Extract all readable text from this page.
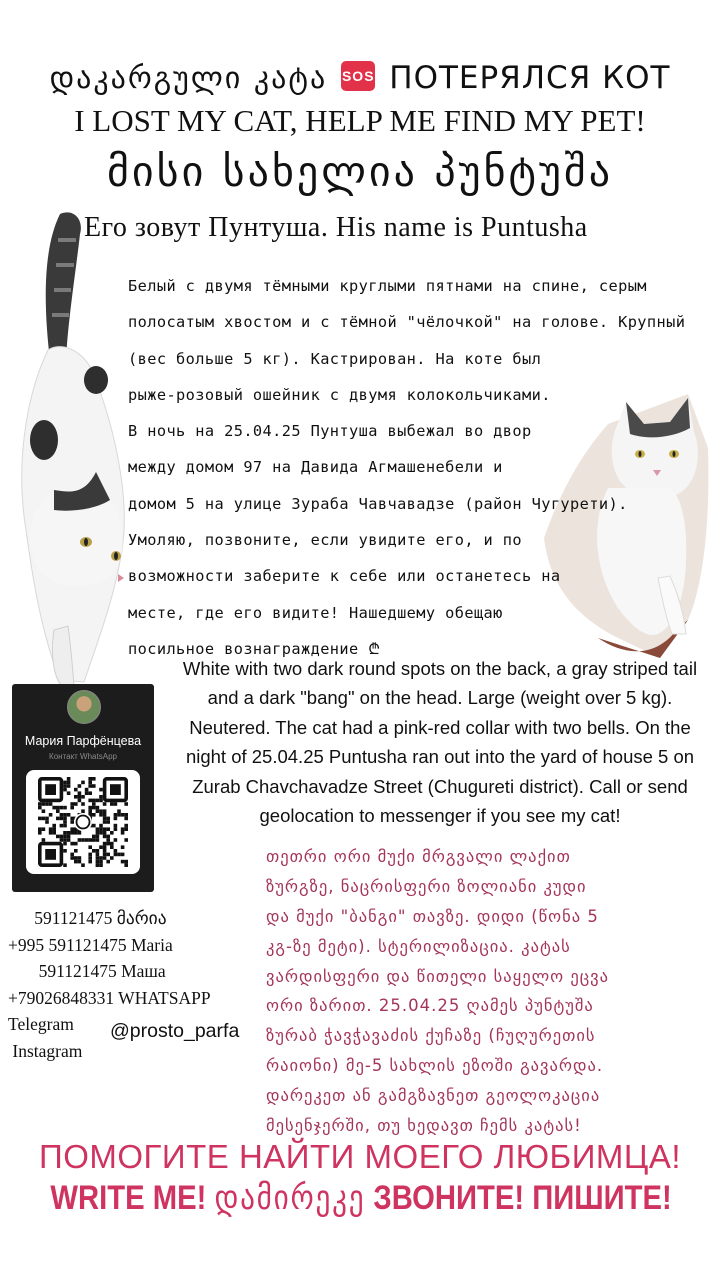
დაკარგული კატა SOS ПОТЕРЯЛСЯ КОТ
I LOST MY CAT, HELP ME FIND MY PET!
მისი სახელია პუნტუშა
Его зовут Пунтуша. His name is Puntusha
Белый с двумя тёмными круглыми пятнами на спине, серым
полосатым хвостом и с тёмной "чёлочкой" на голове. Крупный
(вес больше 5 кг). Кастрирован. На коте был
рыже-розовый ошейник с двумя колокольчиками.
В ночь на 25.04.25 Пунтуша выбежал во двор
между домом 97 на Давида Агмашенебели и
домом 5 на улице Зураба Чавчавадзе (район Чугурети).
Умоляю, позвоните, если увидите его, и по
возможности заберите к себе или останетесь на
месте, где его видите! Нашедшему обещаю
посильное вознаграждение ₾
White with two dark round spots on the back, a gray striped tail
and a dark "bang" on the head. Large (weight over 5 kg).
Neutered. The cat had a pink-red collar with two bells. On the
night of 25.04.25 Puntusha ran out into the yard of house 5 on
Zurab Chavchavadze Street (Chugureti district). Call or send
geolocation to messenger if you see my cat!
Мария Парфёнцева
Контакт WhatsApp
591121475 მარია
+995 591121475 Maria
591121475 Маша
+79026848331 WHATSAPP
Telegram
Instagram
@prosto_parfa
თეთრი ორი მუქი მრგვალი ლაქით
ზურგზე, ნაცრისფერი ზოლიანი კუდი
და მუქი "ბანგი" თავზე. დიდი (წონა 5
კგ-ზე მეტი). სტერილიზაცია. კატას
ვარდისფერი და წითელი საყელო ეცვა
ორი ზარით. 25.04.25 ღამეს პუნტუშა
ზურაბ ჭავჭავაძის ქუჩაზე (ჩუღურეთის
რაიონი) მე-5 სახლის ეზოში გავარდა.
დარეკეთ ან გამგზავნეთ გეოლოკაცია
მესენჯერში, თუ ხედავთ ჩემს კატას!
ПОМОГИТЕ НАЙТИ МОЕГО ЛЮБИМЦА!
WRITE ME! დამირეკე ЗВОНИТЕ! ПИШИТЕ!
